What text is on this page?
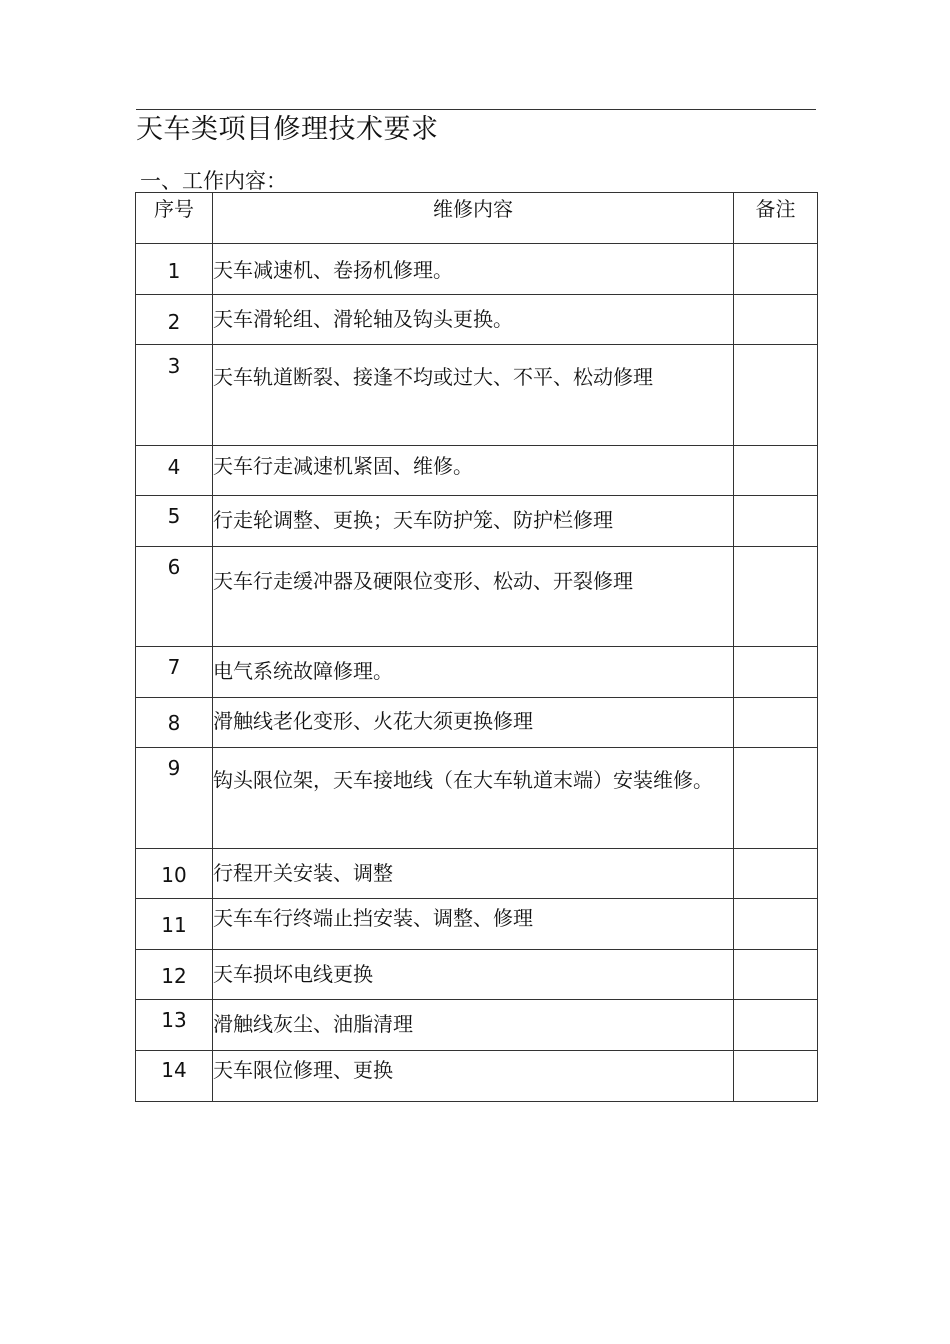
天车类项目修理技术要求
一、工作内容：
序号	维修内容	备注
1	天车减速机、卷扬机修理。	
2	天车滑轮组、滑轮轴及钩头更换。	
3	天车轨道断裂、接逢不均或过大、不平、松动修理	

4	天车行走减速机紧固、维修。	
5	行走轮调整、更换；天车防护笼、防护栏修理	
6	天车行走缓冲器及硬限位变形、松动、开裂修理	
7	电气系统故障修理。	
8	滑触线老化变形、火花大须更换修理	
9	钩头限位架，天车接地线（在大车轨道末端）安装维修。	

10	行程开关安装、调整	
11	天车车行终端止挡安装、调整、修理	
12	天车损坏电线更换	
13	滑触线灰尘、油脂清理	
14	天车限位修理、更换	
